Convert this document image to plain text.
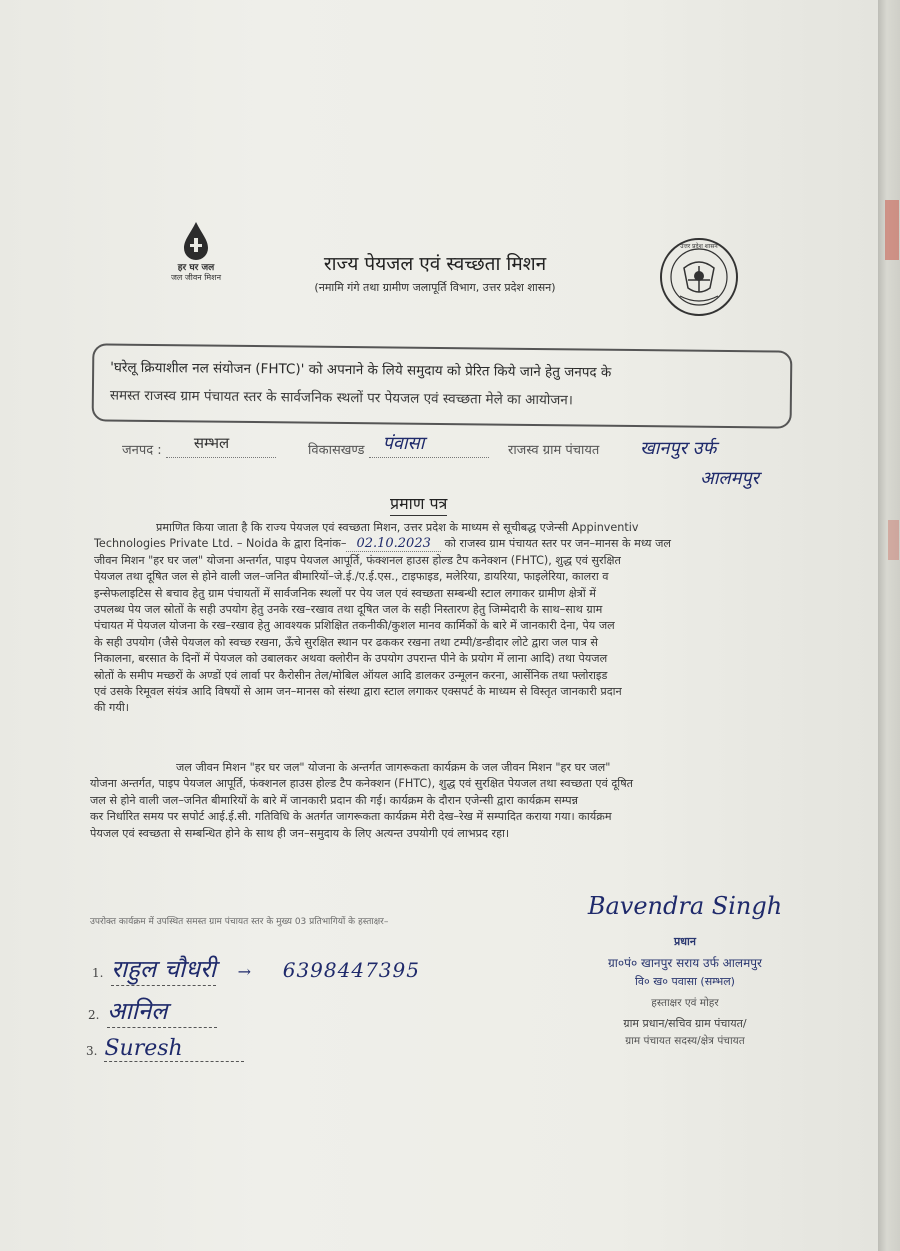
हर घर जल
जल जीवन मिशन
राज्य पेयजल एवं स्वच्छता मिशन
(नमामि गंगे तथा ग्रामीण जलापूर्ति विभाग, उत्तर प्रदेश शासन)
उत्तर प्रदेश शासन
'घरेलू क्रियाशील नल संयोजन (FHTC)' को अपनाने के लिये समुदाय को प्रेरित किये जाने हेतु जनपद के
समस्त राजस्व ग्राम पंचायत स्तर के सार्वजनिक स्थलों पर पेयजल एवं स्वच्छता मेले का आयोजन।
जनपद : सम्भल	विकासखण्ड पंवासा	राजस्व ग्राम पंचायत खानपुर उर्फ
आलमपुर
प्रमाण पत्र
प्रमाणित किया जाता है कि राज्य पेयजल एवं स्वच्छता मिशन, उत्तर प्रदेश के माध्यम से सूचीबद्ध एजेन्सी Appinventiv
Technologies Private Ltd. – Noida के द्वारा दिनांक– 02.10.2023 को राजस्व ग्राम पंचायत स्तर पर जन–मानस के मध्य जल
जीवन मिशन "हर घर जल" योजना अन्तर्गत, पाइप पेयजल आपूर्ति, फंक्शनल हाउस होल्ड टैप कनेक्शन (FHTC), शुद्ध एवं सुरक्षित
पेयजल तथा दूषित जल से होने वाली जल–जनित बीमारियों–जे.ई./ए.ई.एस., टाइफाइड, मलेरिया, डायरिया, फाइलेरिया, कालरा व
इन्सेफलाइटिस से बचाव हेतु ग्राम पंचायतों में सार्वजनिक स्थलों पर पेय जल एवं स्वच्छता सम्बन्धी स्टाल लगाकर ग्रामीण क्षेत्रों में
उपलब्ध पेय जल स्रोतों के सही उपयोग हेतु उनके रख–रखाव तथा दूषित जल के सही निस्तारण हेतु जिम्मेदारी के साथ–साथ ग्राम
पंचायत में पेयजल योजना के रख–रखाव हेतु आवश्यक प्रशिक्षित तकनीकी/कुशल मानव कार्मिकों के बारे में जानकारी देना, पेय जल
के सही उपयोग (जैसे पेयजल को स्वच्छ रखना, ऊँचे सुरक्षित स्थान पर ढककर रखना तथा टम्पी/डन्डीदार लोटे द्वारा जल पात्र से
निकालना, बरसात के दिनों में पेयजल को उबालकर अथवा क्लोरीन के उपयोग उपरान्त पीने के प्रयोग में लाना आदि) तथा पेयजल
स्रोतों के समीप मच्छरों के अण्डों एवं लार्वा पर कैरोसीन तेल/मोबिल ऑयल आदि डालकर उन्मूलन करना, आर्सेनिक तथा फ्लोराइड
एवं उसके रिमूवल संयंत्र आदि विषयों से आम जन–मानस को संस्था द्वारा स्टाल लगाकर एक्सपर्ट के माध्यम से विस्तृत जानकारी प्रदान
की गयी।
जल जीवन मिशन "हर घर जल" योजना के अन्तर्गत जागरूकता कार्यक्रम के जल जीवन मिशन "हर घर जल"
योजना अन्तर्गत, पाइप पेयजल आपूर्ति, फंक्शनल हाउस होल्ड टैप कनेक्शन (FHTC), शुद्ध एवं सुरक्षित पेयजल तथा स्वच्छता एवं दूषित
जल से होने वाली जल–जनित बीमारियों के बारे में जानकारी प्रदान की गई। कार्यक्रम के दौरान एजेन्सी द्वारा कार्यक्रम सम्पन्न
कर निर्धारित समय पर सपोर्ट आई.ई.सी. गतिविधि के अतर्गत जागरूकता कार्यक्रम मेरी देख–रेख में सम्पादित कराया गया। कार्यक्रम
पेयजल एवं स्वच्छता से सम्बन्धित होने के साथ ही जन–समुदाय के लिए अत्यन्त उपयोगी एवं लाभप्रद रहा।
उपरोक्त कार्यक्रम में उपस्थित समस्त ग्राम पंचायत स्तर के मुख्य 03 प्रतिभागियों के हस्ताक्षर–
1. राहुल चौधरी → 6398447395
2. आनिल
3. Suresh
Bavendra Singh
प्रधान
ग्रा०पं० खानपुर सराय उर्फ आलमपुर
वि० ख० पवासा (सम्भल)
हस्ताक्षर एवं मोहर
ग्राम प्रधान/सचिव ग्राम पंचायत/
ग्राम पंचायत सदस्य/क्षेत्र पंचायत
